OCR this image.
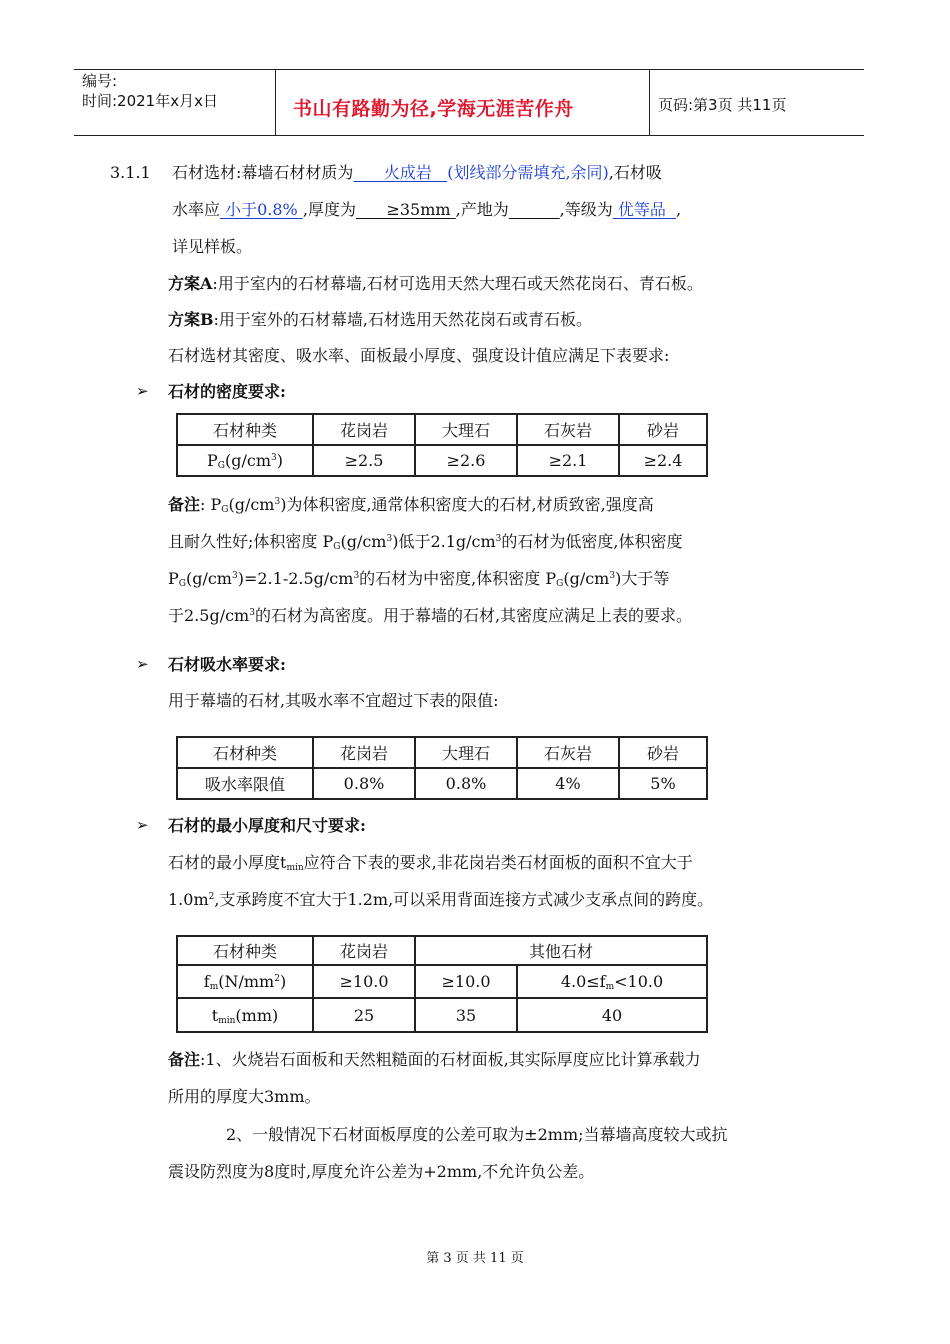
编号:
时间:2021年x月x日	书山有路勤为径,学海无涯苦作舟	页码:第3页 共11页
3.1.1 石材选材:幕墙石材材质为 火成岩 (划线部分需填充,余同),石材吸
水率应 小于0.8% ,厚度为 ≥35mm ,产地为	,等级为 优等品 ,
详见样板。
方案A:用于室内的石材幕墙,石材可选用天然大理石或天然花岗石、青石板。
方案B:用于室外的石材幕墙,石材选用天然花岗石或青石板。
石材选材其密度、吸水率、面板最小厚度、强度设计值应满足下表要求:
➢ 石材的密度要求:
石材种类	花岗岩	大理石	石灰岩	砂岩
$P_G(g/cm^3)$	≥2.5	≥2.6	≥2.1	≥2.4
备注: $P_G(g/cm^3)$为体积密度,通常体积密度大的石材,材质致密,强度高
且耐久性好;体积密度 $P_G(g/cm^3)$低于$2.1g/cm^3$的石材为低密度,体积密度
$P_G(g/cm^3)=2.1-2.5g/cm^3$的石材为中密度,体积密度 $P_G(g/cm^3)$大于等
于$2.5g/cm^3$的石材为高密度。用于幕墙的石材,其密度应满足上表的要求。
➢ 石材吸水率要求:
用于幕墙的石材,其吸水率不宜超过下表的限值:
石材种类	花岗岩	大理石	石灰岩	砂岩
吸水率限值	0.8%	0.8%	4%	5%
➢ 石材的最小厚度和尺寸要求:
石材的最小厚度$t_{min}$应符合下表的要求,非花岗岩类石材面板的面积不宜大于
$1.0m^2$,支承跨度不宜大于1.2m,可以采用背面连接方式减少支承点间的跨度。
石材种类	花岗岩	其他石材	
$f_m(N/mm^2)$	≥10.0	≥10.0	$4.0\le f_m<10.0$
$t_{min}(mm)$	25	35	40
备注:1、火烧岩石面板和天然粗糙面的石材面板,其实际厚度应比计算承载力
所用的厚度大3mm。
2、一般情况下石材面板厚度的公差可取为±2mm;当幕墙高度较大或抗
震设防烈度为8度时,厚度允许公差为+2mm,不允许负公差。
第 3 页 共 11 页
